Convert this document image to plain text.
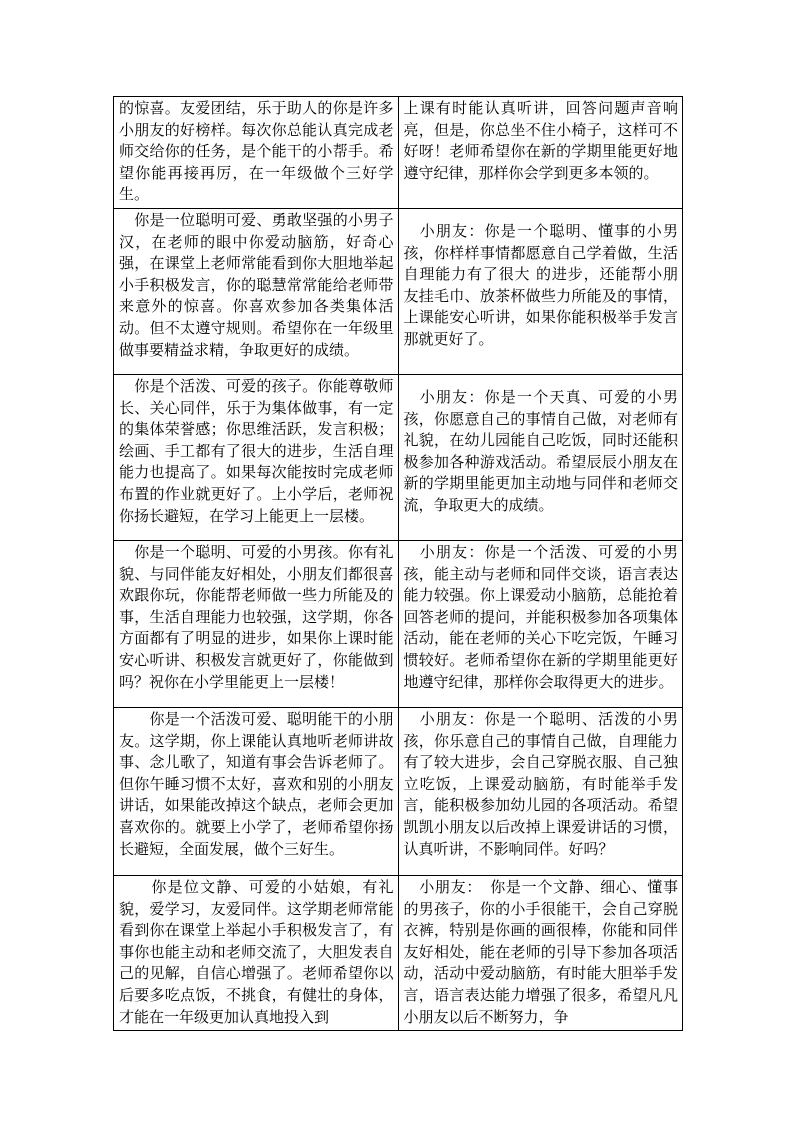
的惊喜。友爱团结，乐于助人的你是许多小朋友的好榜样。每次你总能认真完成老师交给你的任务，是个能干的小帮手。希望你能再接再厉，在一年级做个三好学生。	上课有时能认真听讲，回答问题声音响亮，但是，你总坐不住小椅子，这样可不好呀！老师希望你在新的学期里能更好地遵守纪律，那样你会学到更多本领的。

　你是一位聪明可爱、勇敢坚强的小男子汉，在老师的眼中你爱动脑筋，好奇心强，在课堂上老师常能看到你大胆地举起小手积极发言，你的聪慧常常能给老师带来意外的惊喜。你喜欢参加各类集体活动。但不太遵守规则。希望你在一年级里做事要精益求精，争取更好的成绩。	　小朋友：你是一个聪明、懂事的小男孩，你样样事情都愿意自己学着做，生活自理能力有了很大 的进步，还能帮小朋友挂毛巾、放茶杯做些力所能及的事情，上课能安心听讲，如果你能积极举手发言那就更好了。

　你是个活泼、可爱的孩子。你能尊敬师长、关心同伴，乐于为集体做事，有一定的集体荣誉感；你思维活跃，发言积极；绘画、手工都有了很大的进步，生活自理能力也提高了。如果每次能按时完成老师布置的作业就更好了。上小学后，老师祝你扬长避短，在学习上能更上一层楼。	　小朋友：你是一个天真、可爱的小男孩，你愿意自己的事情自己做，对老师有礼貌，在幼儿园能自己吃饭，同时还能积极参加各种游戏活动。希望辰辰小朋友在新的学期里能更加主动地与同伴和老师交流，争取更大的成绩。

　你是一个聪明、可爱的小男孩。你有礼貌、与同伴能友好相处，小朋友们都很喜欢跟你玩，你能帮老师做一些力所能及的事，生活自理能力也较强，这学期，你各方面都有了明显的进步，如果你上课时能安心听讲、积极发言就更好了，你能做到吗？祝你在小学里能更上一层楼！	　小朋友：你是一个活泼、可爱的小男孩，能主动与老师和同伴交谈，语言表达能力较强。你上课爱动小脑筋，总能抢着回答老师的提问，并能积极参加各项集体活动，能在老师的关心下吃完饭，午睡习惯较好。老师希望你在新的学期里能更好地遵守纪律，那样你会取得更大的进步。

　　你是一个活泼可爱、聪明能干的小朋友。这学期，你上课能认真地听老师讲故事、念儿歌了，知道有事会告诉老师了。但你午睡习惯不太好，喜欢和别的小朋友讲话，如果能改掉这个缺点，老师会更加喜欢你的。就要上小学了，老师希望你扬长避短，全面发展，做个三好生。	　小朋友：你是一个聪明、活泼的小男孩，你乐意自己的事情自己做，自理能力有了较大进步，会自己穿脱衣服、自己独立吃饭，上课爱动脑筋，有时能举手发言，能积极参加幼儿园的各项活动。希望凯凯小朋友以后改掉上课爱讲话的习惯，认真听讲，不影响同伴。好吗？

　　你是位文静、可爱的小姑娘，有礼貌，爱学习，友爱同伴。这学期老师常能看到你在课堂上举起小手积极发言了，有事你也能主动和老师交流了，大胆发表自己的见解，自信心增强了。老师希望你以后要多吃点饭，不挑食，有健壮的身体，才能在一年级更加认真地投入到	　小朋友：　你是一个文静、细心、懂事的男孩子，你的小手很能干，会自己穿脱衣裤，特别是你画的画很棒，你能和同伴友好相处，能在老师的引导下参加各项活动，活动中爱动脑筋，有时能大胆举手发言，语言表达能力增强了很多，希望凡凡小朋友以后不断努力，争
